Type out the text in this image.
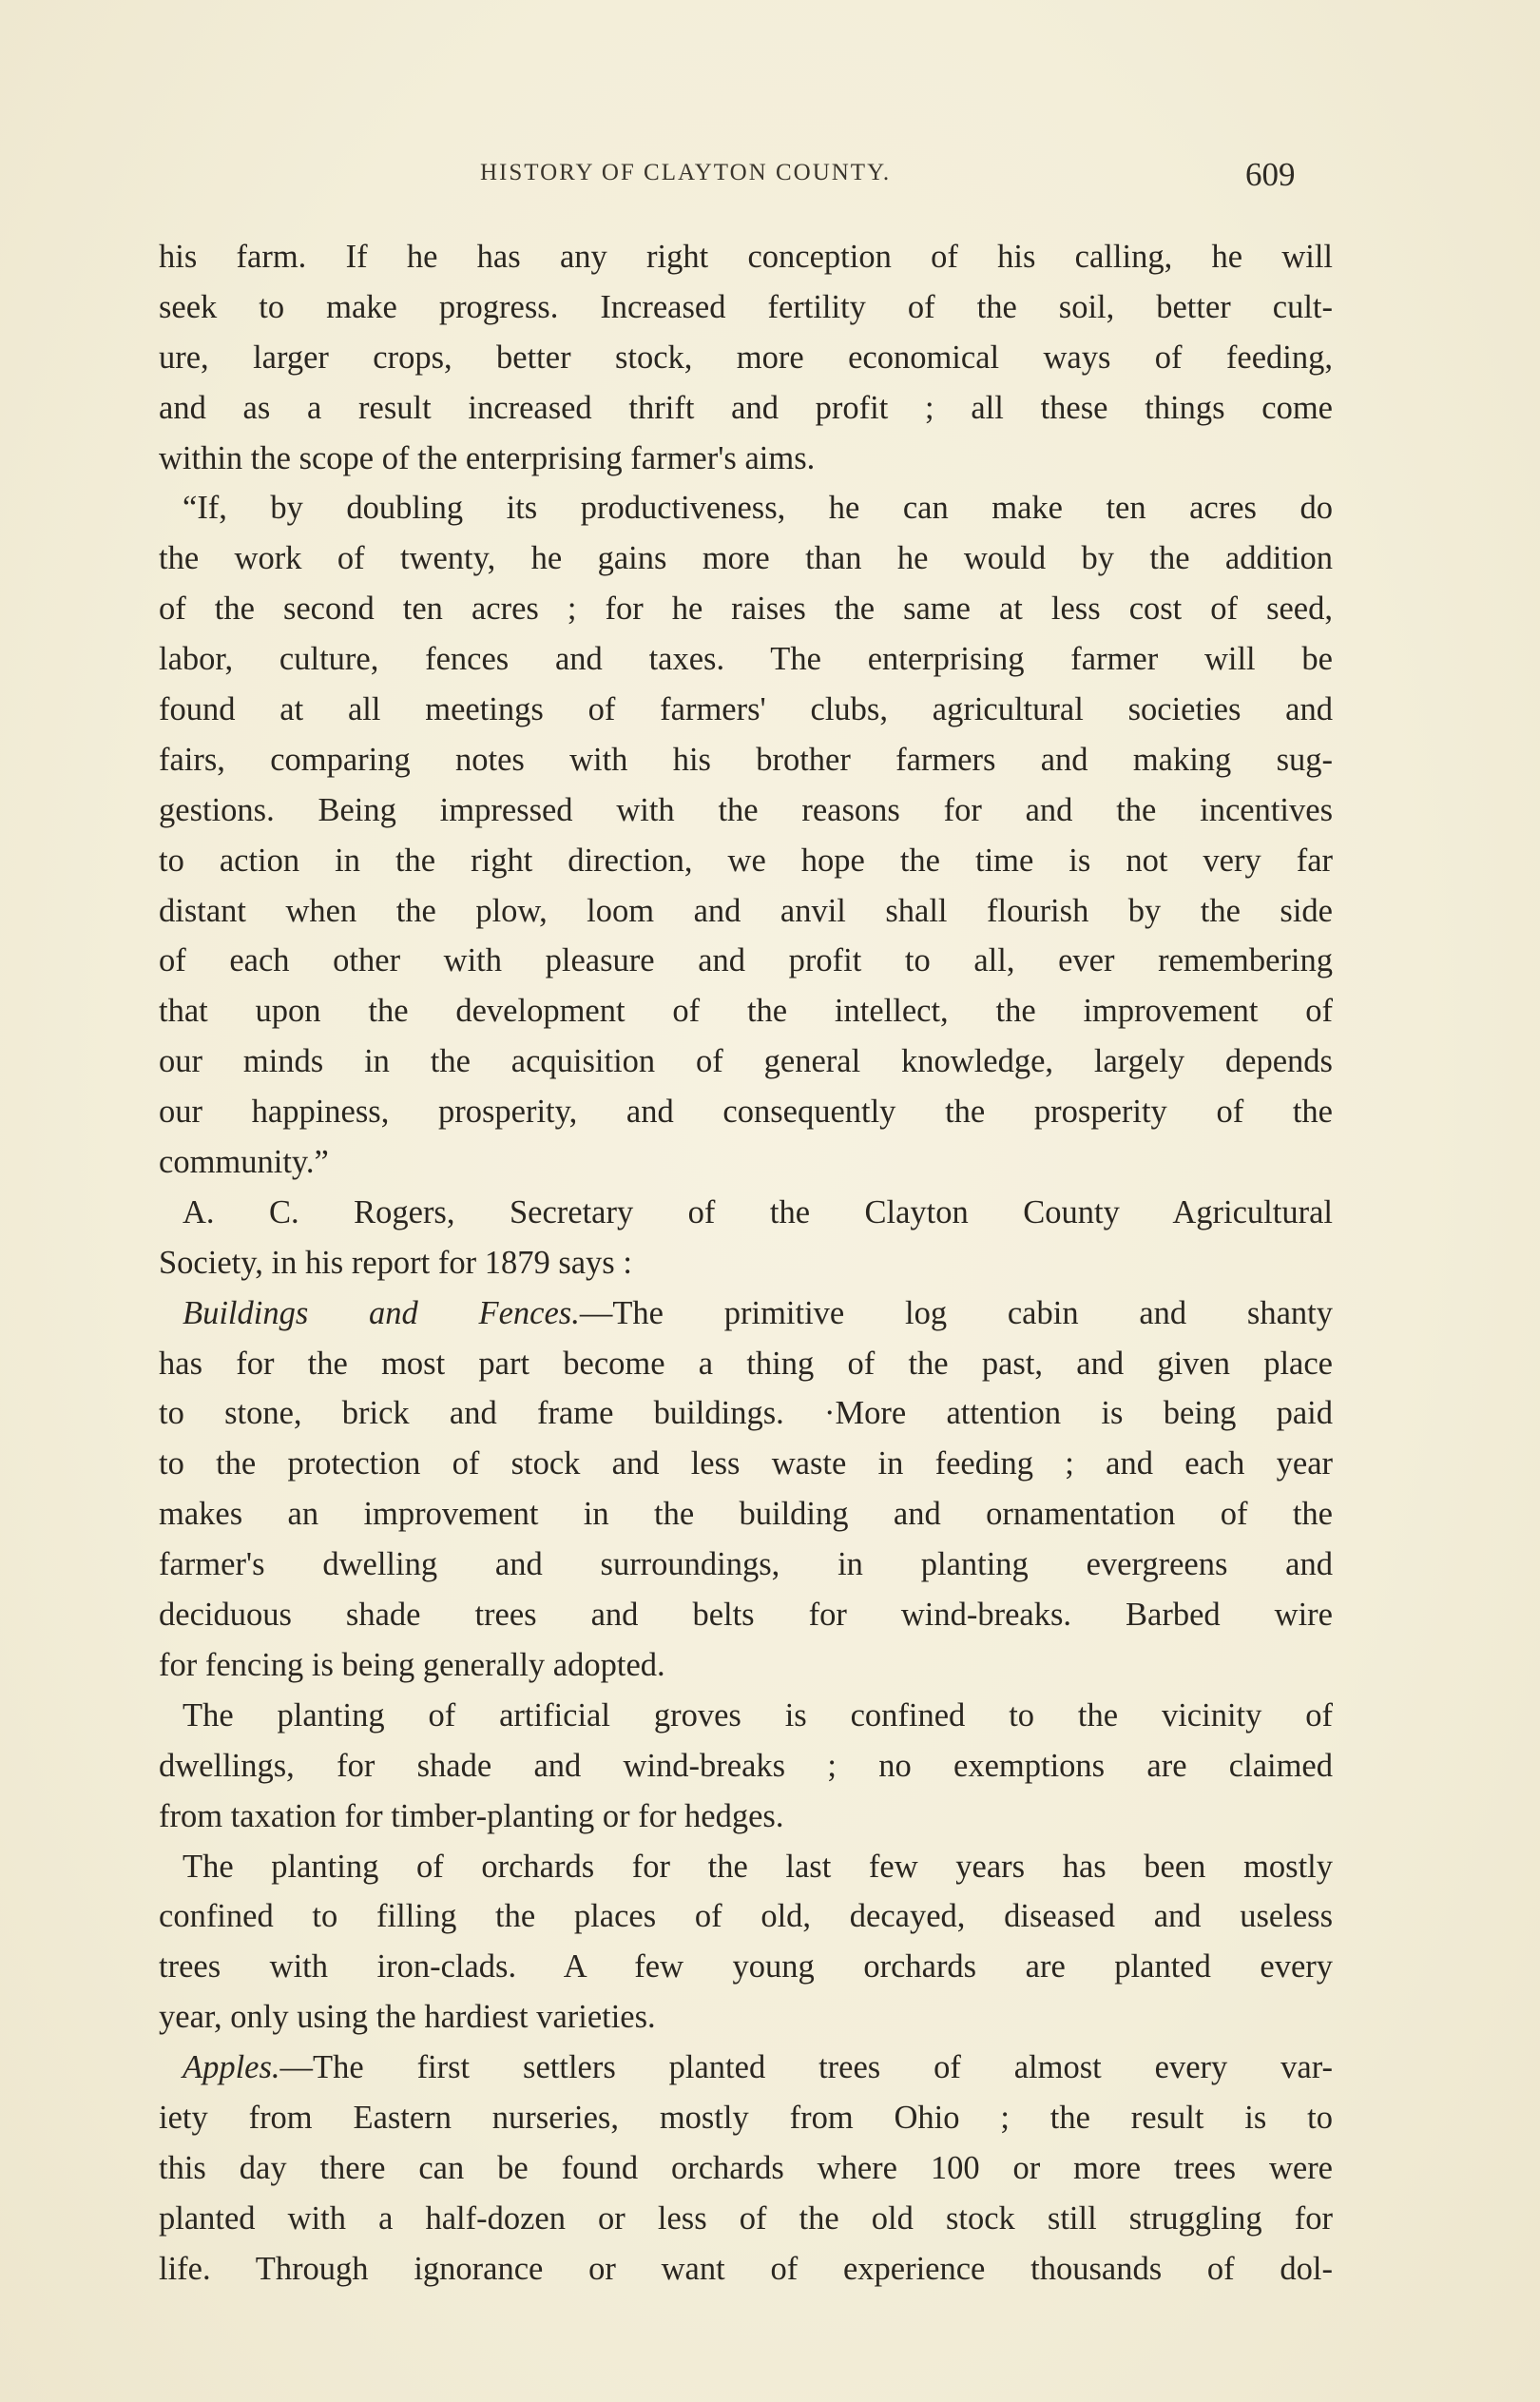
HISTORY OF CLAYTON COUNTY.	609
his farm. If he has any right conception of his calling, he will
seek to make progress. Increased fertility of the soil, better cult-
ure, larger crops, better stock, more economical ways of feeding,
and as a result increased thrift and profit ; all these things come
within the scope of the enterprising farmer's aims.
“If, by doubling its productiveness, he can make ten acres do
the work of twenty, he gains more than he would by the addition
of the second ten acres ; for he raises the same at less cost of seed,
labor, culture, fences and taxes. The enterprising farmer will be
found at all meetings of farmers' clubs, agricultural societies and
fairs, comparing notes with his brother farmers and making sug-
gestions. Being impressed with the reasons for and the incentives
to action in the right direction, we hope the time is not very far
distant when the plow, loom and anvil shall flourish by the side
of each other with pleasure and profit to all, ever remembering
that upon the development of the intellect, the improvement of
our minds in the acquisition of general knowledge, largely depends
our happiness, prosperity, and consequently the prosperity of the
community.”
A. C. Rogers, Secretary of the Clayton County Agricultural
Society, in his report for 1879 says :
Buildings and Fences.—The primitive log cabin and shanty
has for the most part become a thing of the past, and given place
to stone, brick and frame buildings. ·More attention is being paid
to the protection of stock and less waste in feeding ; and each year
makes an improvement in the building and ornamentation of the
farmer's dwelling and surroundings, in planting evergreens and
deciduous shade trees and belts for wind-breaks. Barbed wire
for fencing is being generally adopted.
The planting of artificial groves is confined to the vicinity of
dwellings, for shade and wind-breaks ; no exemptions are claimed
from taxation for timber-planting or for hedges.
The planting of orchards for the last few years has been mostly
confined to filling the places of old, decayed, diseased and useless
trees with iron-clads. A few young orchards are planted every
year, only using the hardiest varieties.
Apples.—The first settlers planted trees of almost every var-
iety from Eastern nurseries, mostly from Ohio ; the result is to
this day there can be found orchards where 100 or more trees were
planted with a half-dozen or less of the old stock still struggling for
life. Through ignorance or want of experience thousands of dol-
